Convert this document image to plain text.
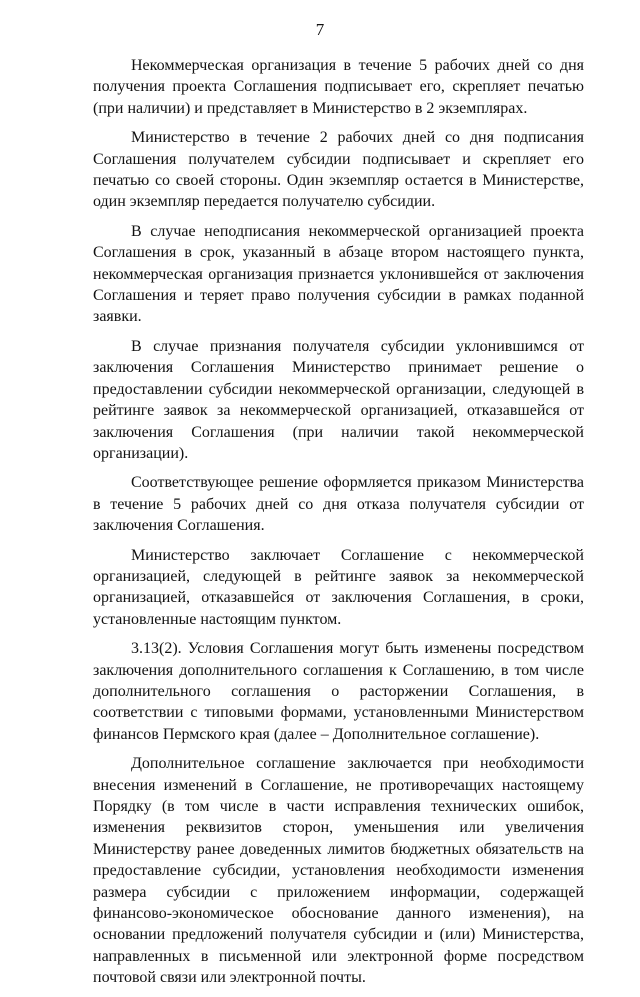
7

Некоммерческая организация в течение 5 рабочих дней со дня получения проекта Соглашения подписывает его, скрепляет печатью (при наличии) и представляет в Министерство в 2 экземплярах.

Министерство в течение 2 рабочих дней со дня подписания Соглашения получателем субсидии подписывает и скрепляет его печатью со своей стороны. Один экземпляр остается в Министерстве, один экземпляр передается получателю субсидии.

В случае неподписания некоммерческой организацией проекта Соглашения в срок, указанный в абзаце втором настоящего пункта, некоммерческая организация признается уклонившейся от заключения Соглашения и теряет право получения субсидии в рамках поданной заявки.

В случае признания получателя субсидии уклонившимся от заключения Соглашения Министерство принимает решение о предоставлении субсидии некоммерческой организации, следующей в рейтинге заявок за некоммерческой организацией, отказавшейся от заключения Соглашения (при наличии такой некоммерческой организации).

Соответствующее решение оформляется приказом Министерства в течение 5 рабочих дней со дня отказа получателя субсидии от заключения Соглашения.

Министерство заключает Соглашение с некоммерческой организацией, следующей в рейтинге заявок за некоммерческой организацией, отказавшейся от заключения Соглашения, в сроки, установленные настоящим пунктом.

3.13(2). Условия Соглашения могут быть изменены посредством заключения дополнительного соглашения к Соглашению, в том числе дополнительного соглашения о расторжении Соглашения, в соответствии с типовыми формами, установленными Министерством финансов Пермского края (далее – Дополнительное соглашение).

Дополнительное соглашение заключается при необходимости внесения изменений в Соглашение, не противоречащих настоящему Порядку (в том числе в части исправления технических ошибок, изменения реквизитов сторон, уменьшения или увеличения Министерству ранее доведенных лимитов бюджетных обязательств на предоставление субсидии, установления необходимости изменения размера субсидии с приложением информации, содержащей финансово-экономическое обоснование данного изменения), на основании предложений получателя субсидии и (или) Министерства, направленных в письменной или электронной форме посредством почтовой связи или электронной почты.
